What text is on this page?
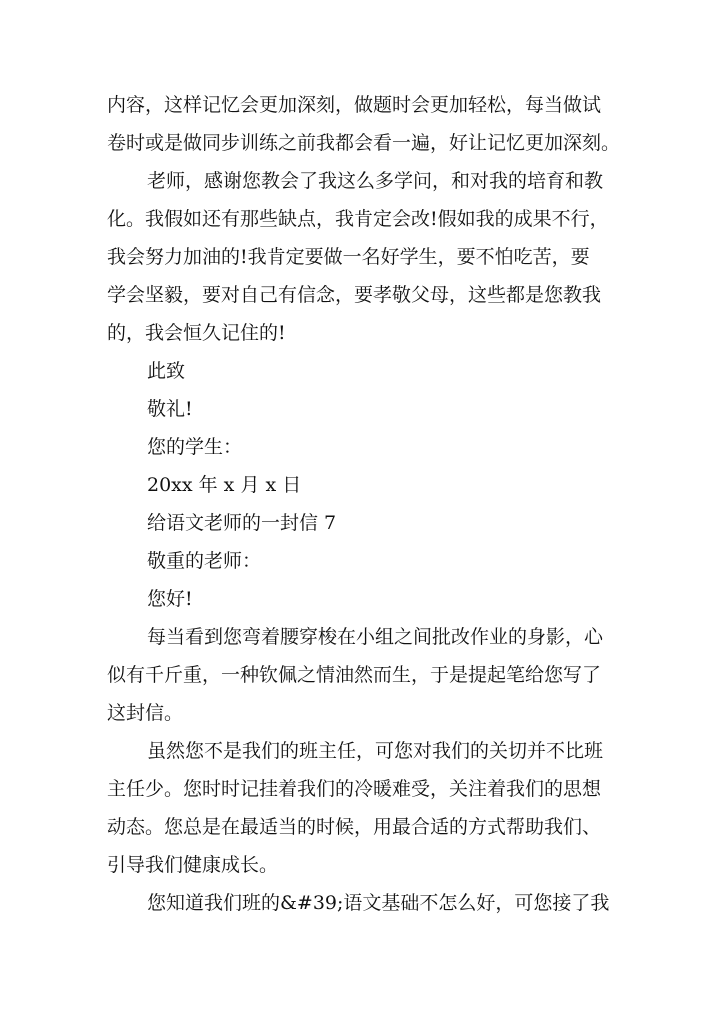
内容，这样记忆会更加深刻，做题时会更加轻松，每当做试
卷时或是做同步训练之前我都会看一遍，好让记忆更加深刻。
老师，感谢您教会了我这么多学问，和对我的培育和教
化。我假如还有那些缺点，我肯定会改!假如我的成果不行，
我会努力加油的!我肯定要做一名好学生，要不怕吃苦，要
学会坚毅，要对自己有信念，要孝敬父母，这些都是您教我
的，我会恒久记住的!
此致
敬礼!
您的学生：
20xx 年 x 月 x 日
给语文老师的一封信 7
敬重的老师：
您好!
每当看到您弯着腰穿梭在小组之间批改作业的身影，心
似有千斤重，一种钦佩之情油然而生，于是提起笔给您写了
这封信。
虽然您不是我们的班主任，可您对我们的关切并不比班
主任少。您时时记挂着我们的冷暖难受，关注着我们的思想
动态。您总是在最适当的时候，用最合适的方式帮助我们、
引导我们健康成长。
您知道我们班的&#39;语文基础不怎么好，可您接了我
